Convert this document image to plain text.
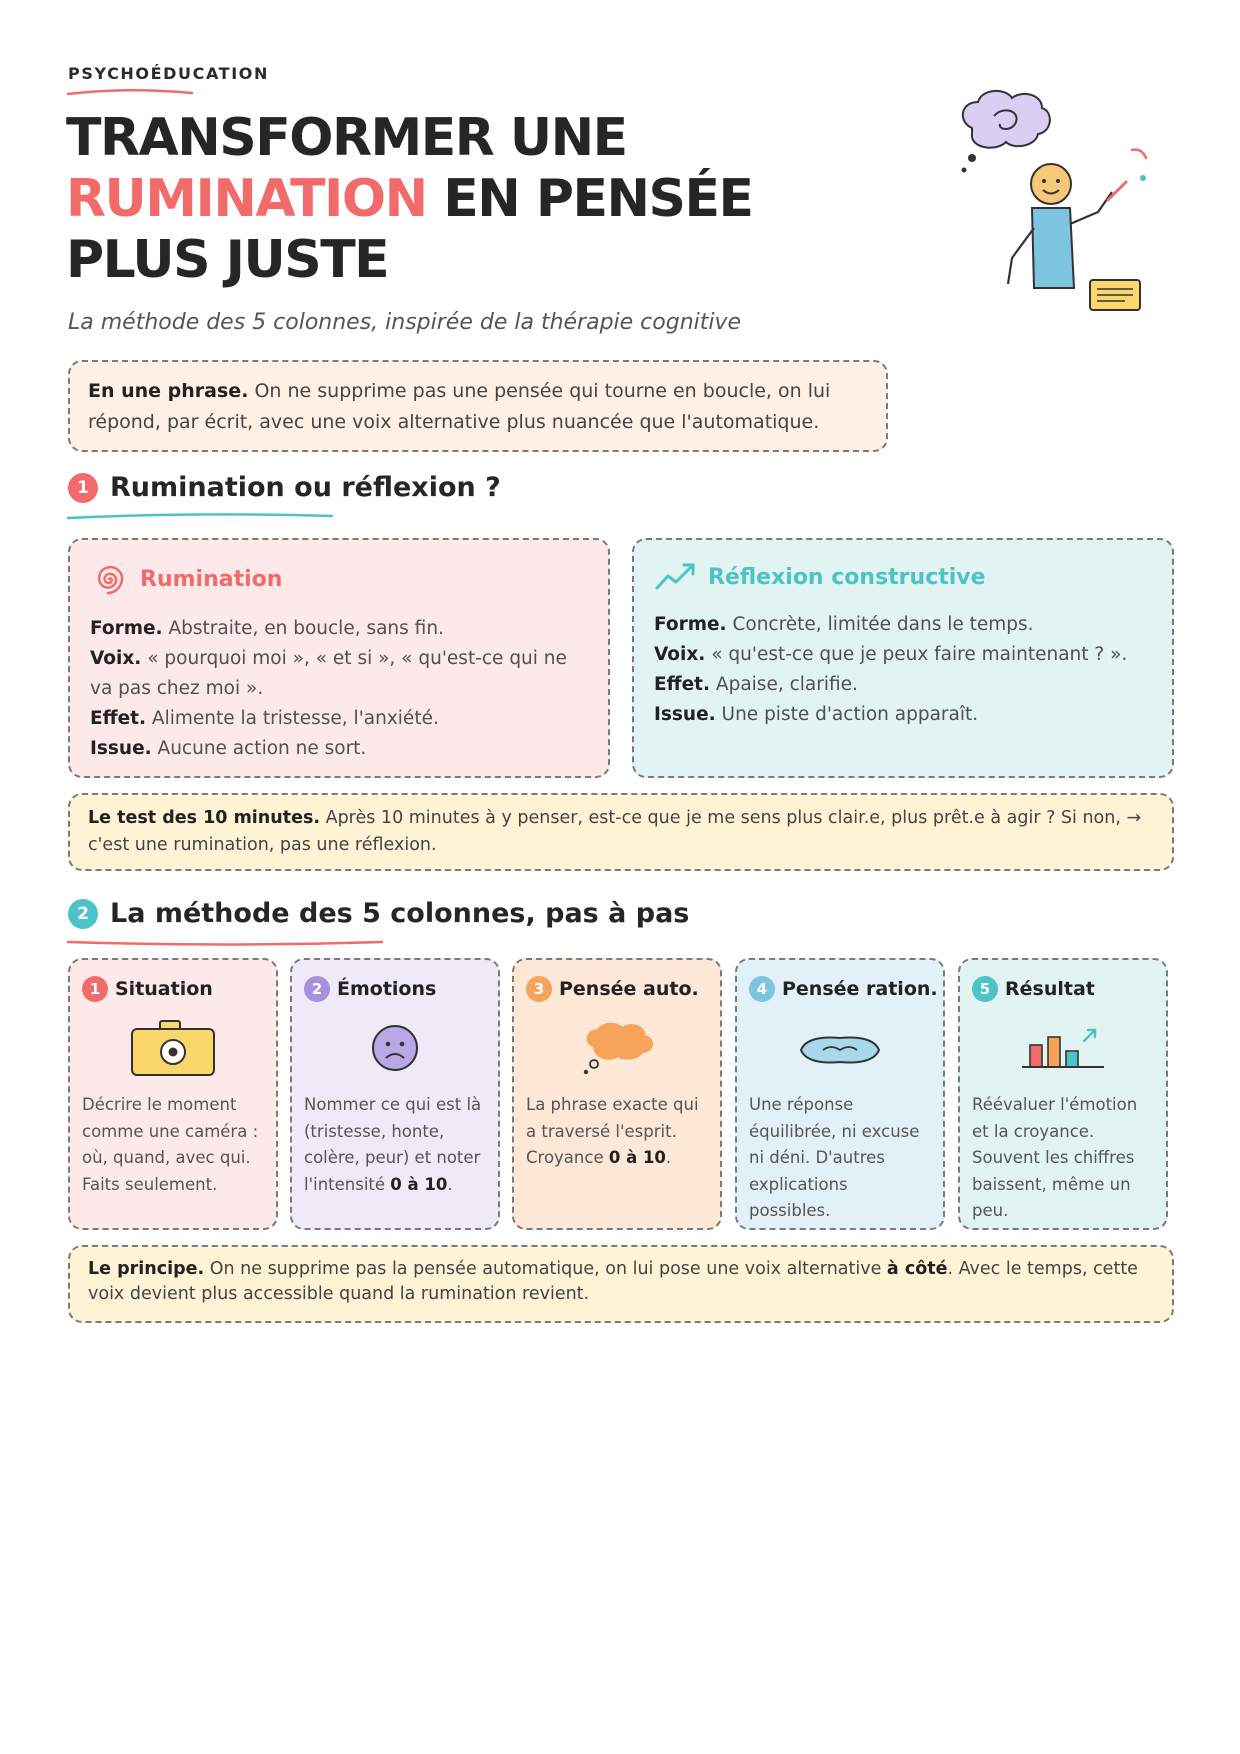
PSYCHOÉDUCATION
TRANSFORMER UNE
RUMINATION EN PENSÉE
PLUS JUSTE
La méthode des 5 colonnes, inspirée de la thérapie cognitive

En une phrase. On ne supprime pas une pensée qui tourne en boucle, on lui répond, par écrit, avec une voix alternative plus nuancée que l'automatique.

1 Rumination ou réflexion ?
Rumination

Forme. Abstraite, en boucle, sans fin.

Voix. « pourquoi moi », « et si », « qu'est-ce qui ne va pas chez moi ».

Effet. Alimente la tristesse, l'anxiété.

Issue. Aucune action ne sort.

Réflexion constructive

Forme. Concrète, limitée dans le temps.

Voix. « qu'est-ce que je peux faire maintenant ? ».

Effet. Apaise, clarifie.

Issue. Une piste d'action apparaît.

Le test des 10 minutes. Après 10 minutes à y penser, est-ce que je me sens plus clair.e, plus prêt.e à agir ? Si non, → c'est une rumination, pas une réflexion.

2 La méthode des 5 colonnes, pas à pas
1 Situation

Décrire le moment comme une caméra : où, quand, avec qui. Faits seulement.

2 Émotions

Nommer ce qui est là (tristesse, honte, colère, peur) et noter l'intensité 0 à 10.

3 Pensée auto.

La phrase exacte qui a traversé l'esprit. Croyance 0 à 10.

4 Pensée ration.

Une réponse équilibrée, ni excuse ni déni. D'autres explications possibles.

5 Résultat

Réévaluer l'émotion et la croyance. Souvent les chiffres baissent, même un peu.

Le principe. On ne supprime pas la pensée automatique, on lui pose une voix alternative à côté. Avec le temps, cette voix devient plus accessible quand la rumination revient.
